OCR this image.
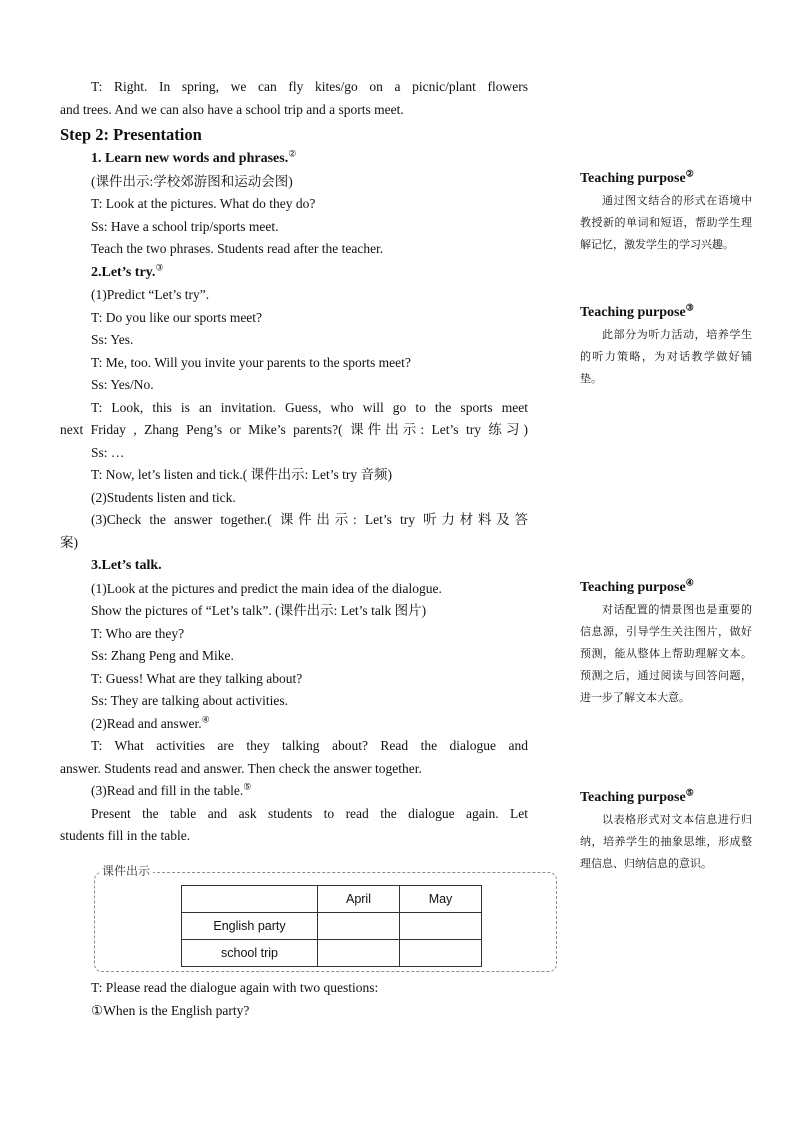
T: Right. In spring, we can fly kites/go on a picnic/plant flowers
and trees. And we can also have a school trip and a sports meet.
Step 2: Presentation
1. Learn new words and phrases.②
(课件出示:学校郊游图和运动会图)
T: Look at the pictures. What do they do?
Ss: Have a school trip/sports meet.
Teach the two phrases. Students read after the teacher.
2.Let’s try.③
(1)Predict “Let’s try”.
T: Do you like our sports meet?
Ss: Yes.
T: Me, too. Will you invite your parents to the sports meet?
Ss: Yes/No.
T: Look, this is an invitation. Guess, who will go to the sports meet
next Friday , Zhang Peng’s or Mike’s parents?( 课件出示: Let’s try 练习)
Ss: …
T: Now, let’s listen and tick.( 课件出示: Let’s try 音频)
(2)Students listen and tick.
(3)Check the answer together.( 课件出示: Let’s try 听力材料及答
案)
3.Let’s talk.
(1)Look at the pictures and predict the main idea of the dialogue.
Show the pictures of “Let’s talk”. (课件出示: Let’s talk 图片)
T: Who are they?
Ss: Zhang Peng and Mike.
T: Guess! What are they talking about?
Ss: They are talking about activities.
(2)Read and answer.④
T: What activities are they talking about? Read the dialogue and
answer. Students read and answer. Then check the answer together.
(3)Read and fill in the table.⑤
Present the table and ask students to read the dialogue again. Let
students fill in the table.
课件出示
	April	May
English party		
school trip		
T: Please read the dialogue again with two questions:
①When is the English party?
Teaching purpose②
通过图文结合的形式在语境中教授新的单词和短语，帮助学生理解记忆，激发学生的学习兴趣。
Teaching purpose③
此部分为听力活动，培养学生的听力策略，为对话教学做好铺垫。
Teaching purpose④
对话配置的情景图也是重要的信息源，引导学生关注图片，做好预测，能从整体上帮助理解文本。预测之后，通过阅读与回答问题，进一步了解文本大意。
Teaching purpose⑤
以表格形式对文本信息进行归纳，培养学生的抽象思维，形成整理信息、归纳信息的意识。
